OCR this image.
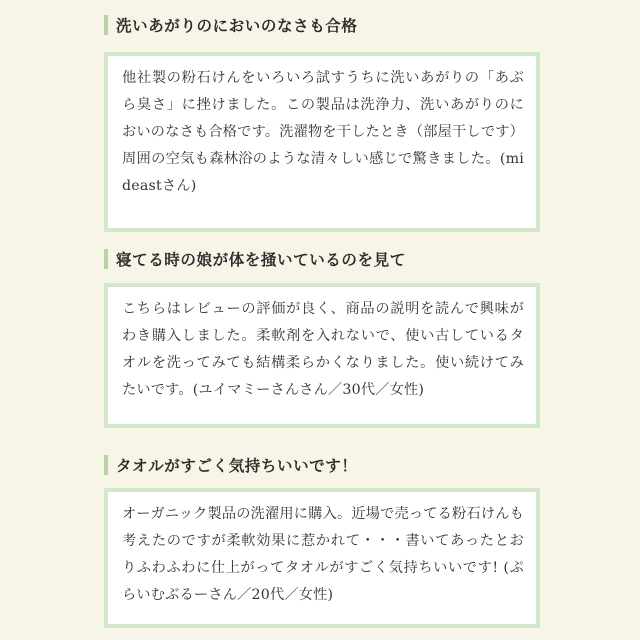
洗いあがりのにおいのなさも合格

他社製の粉石けんをいろいろ試すうちに洗いあがりの「あぶら臭さ」に挫けました。この製品は洗浄力、洗いあがりのにおいのなさも合格です。洗濯物を干したとき（部屋干しです）周囲の空気も森林浴のような清々しい感じで驚きました。(mideastさん)

寝てる時の娘が体を掻いているのを見て

こちらはレビューの評価が良く、商品の説明を読んで興味がわき購入しました。柔軟剤を入れないで、使い古しているタオルを洗ってみても結構柔らかくなりました。使い続けてみたいです。(ユイマミーさんさん／30代／女性)

タオルがすごく気持ちいいです！

オーガニック製品の洗濯用に購入。近場で売ってる粉石けんも考えたのですが柔軟効果に惹かれて・・・書いてあったとおりふわふわに仕上がってタオルがすごく気持ちいいです! (ぷらいむぶるーさん／20代／女性)
